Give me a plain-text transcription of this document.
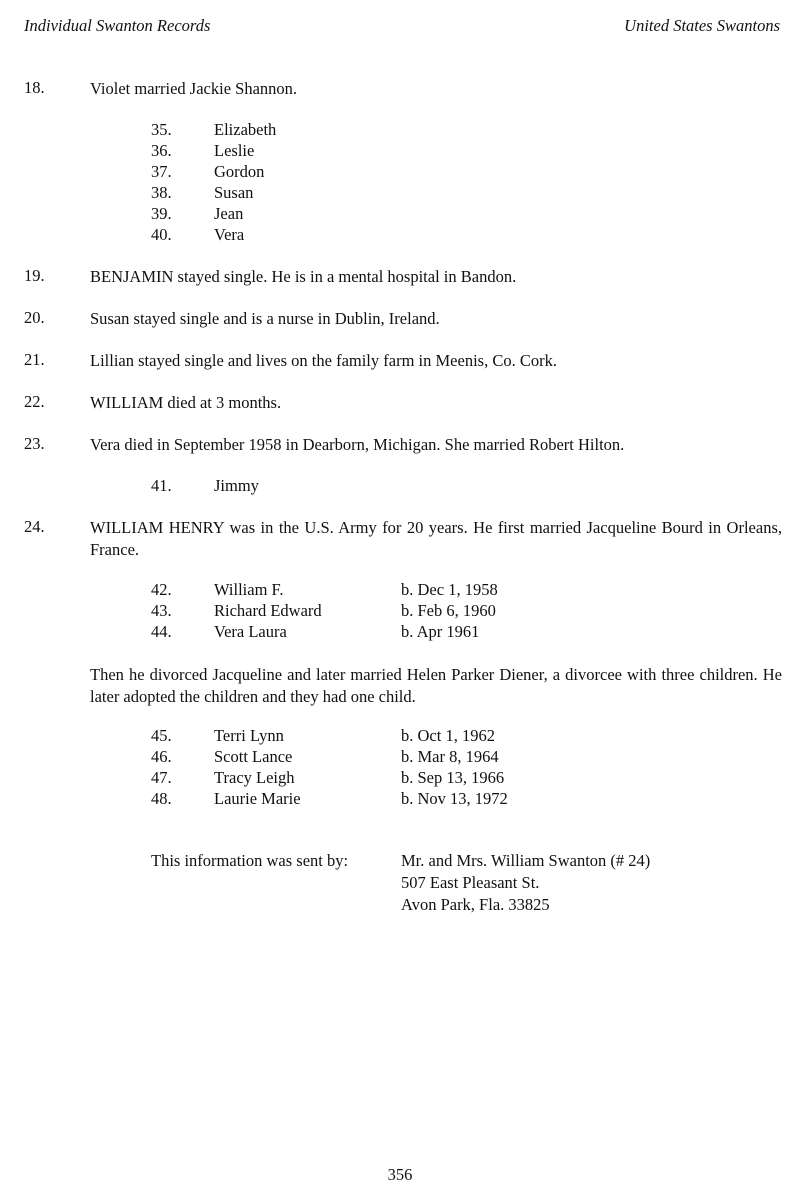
Individual Swanton Records	United States Swantons
18.	Violet married Jackie Shannon.
35.	Elizabeth
36.	Leslie
37.	Gordon
38.	Susan
39.	Jean
40.	Vera
19.	BENJAMIN stayed single. He is in a mental hospital in Bandon.
20.	Susan stayed single and is a nurse in Dublin, Ireland.
21.	Lillian stayed single and lives on the family farm in Meenis, Co. Cork.
22.	WILLIAM died at 3 months.
23.	Vera died in September 1958 in Dearborn, Michigan. She married Robert Hilton.
41.	Jimmy
24.	WILLIAM HENRY was in the U.S. Army for 20 years. He first married Jacqueline Bourd in Orleans, France.
42.	William F.	b. Dec 1, 1958
43.	Richard Edward	b. Feb 6, 1960
44.	Vera Laura	b. Apr 1961
Then he divorced Jacqueline and later married Helen Parker Diener, a divorcee with three children. He later adopted the children and they had one child.
45.	Terri Lynn	b. Oct 1, 1962
46.	Scott Lance	b. Mar 8, 1964
47.	Tracy Leigh	b. Sep 13, 1966
48.	Laurie Marie	b. Nov 13, 1972
This information was sent by:	Mr. and Mrs. William Swanton (# 24)
507 East Pleasant St.
Avon Park, Fla. 33825
356
